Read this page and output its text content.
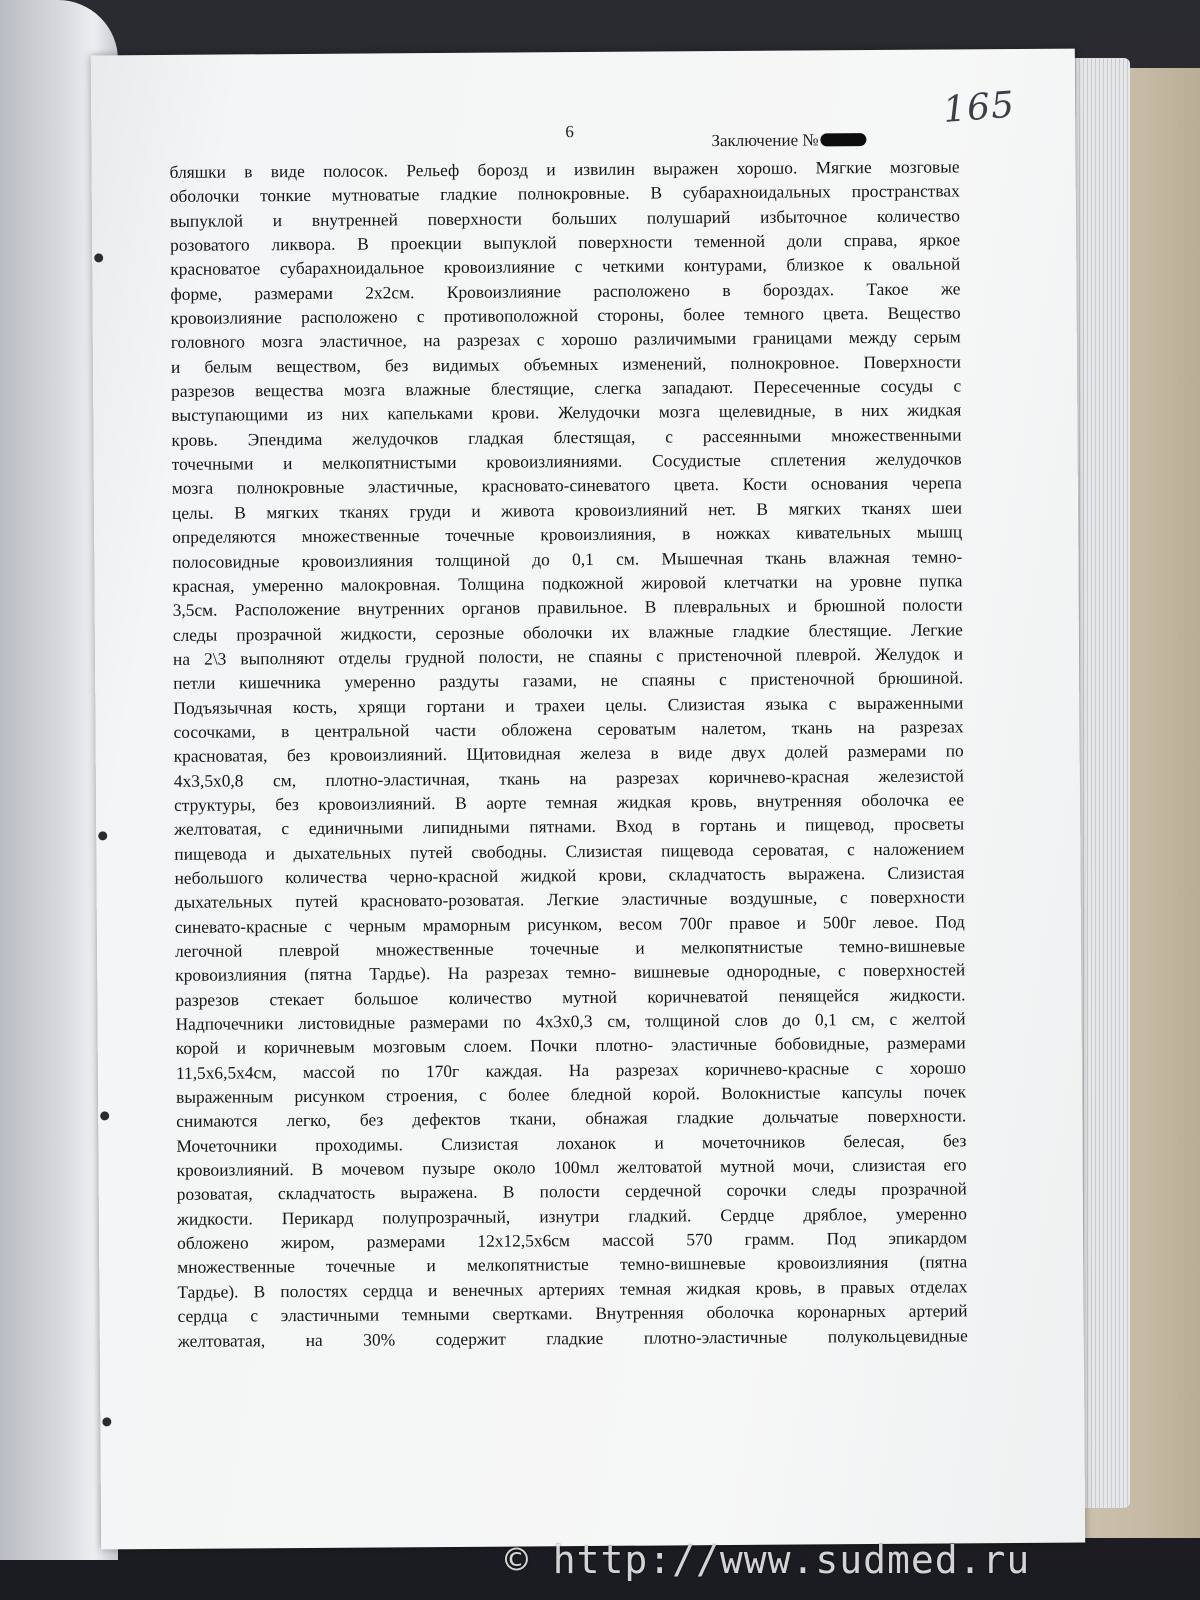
165
6	Заключение №
бляшки в виде полосок. Рельеф борозд и извилин выражен хорошо. Мягкие мозговые
оболочки тонкие мутноватые гладкие полнокровные. В субарахноидальных пространствах
выпуклой и внутренней поверхности больших полушарий избыточное количество
розоватого ликвора. В проекции выпуклой поверхности теменной доли справа, яркое
красноватое субарахноидальное кровоизлияние с четкими контурами, близкое к овальной
форме, размерами 2х2см. Кровоизлияние расположено в бороздах. Такое же
кровоизлияние расположено с противоположной стороны, более темного цвета. Вещество
головного мозга эластичное, на разрезах с хорошо различимыми границами между серым
и белым веществом, без видимых объемных изменений, полнокровное. Поверхности
разрезов вещества мозга влажные блестящие, слегка западают. Пересеченные сосуды с
выступающими из них капельками крови. Желудочки мозга щелевидные, в них жидкая
кровь. Эпендима желудочков гладкая блестящая, с рассеянными множественными
точечными и мелкопятнистыми кровоизлияниями. Сосудистые сплетения желудочков
мозга полнокровные эластичные, красновато-синеватого цвета. Кости основания черепа
целы. В мягких тканях груди и живота кровоизлияний нет. В мягких тканях шеи
определяются множественные точечные кровоизлияния, в ножках кивательных мышц
полосовидные кровоизлияния толщиной до 0,1 см. Мышечная ткань влажная темно-
красная, умеренно малокровная. Толщина подкожной жировой клетчатки на уровне пупка
3,5см. Расположение внутренних органов правильное. В плевральных и брюшной полости
следы прозрачной жидкости, серозные оболочки их влажные гладкие блестящие. Легкие
на 2\3 выполняют отделы грудной полости, не спаяны с пристеночной плеврой. Желудок и
петли кишечника умеренно раздуты газами, не спаяны с пристеночной брюшиной.
Подъязычная кость, хрящи гортани и трахеи целы. Слизистая языка с выраженными
сосочками, в центральной части обложена сероватым налетом, ткань на разрезах
красноватая, без кровоизлияний. Щитовидная железа в виде двух долей размерами по
4х3,5х0,8 см, плотно-эластичная, ткань на разрезах коричнево-красная железистой
структуры, без кровоизлияний. В аорте темная жидкая кровь, внутренняя оболочка ее
желтоватая, с единичными липидными пятнами. Вход в гортань и пищевод, просветы
пищевода и дыхательных путей свободны. Слизистая пищевода сероватая, с наложением
небольшого количества черно-красной жидкой крови, складчатость выражена. Слизистая
дыхательных путей красновато-розоватая. Легкие эластичные воздушные, с поверхности
синевато-красные с черным мраморным рисунком, весом 700г правое и 500г левое. Под
легочной плеврой множественные точечные и мелкопятнистые темно-вишневые
кровоизлияния (пятна Тардье). На разрезах темно- вишневые однородные, с поверхностей
разрезов стекает большое количество мутной коричневатой пенящейся жидкости.
Надпочечники листовидные размерами по 4х3х0,3 см, толщиной слов до 0,1 см, с желтой
корой и коричневым мозговым слоем. Почки плотно- эластичные бобовидные, размерами
11,5х6,5х4см, массой по 170г каждая. На разрезах коричнево-красные с хорошо
выраженным рисунком строения, с более бледной корой. Волокнистые капсулы почек
снимаются легко, без дефектов ткани, обнажая гладкие дольчатые поверхности.
Мочеточники проходимы. Слизистая лоханок и мочеточников белесая, без
кровоизлияний. В мочевом пузыре около 100мл желтоватой мутной мочи, слизистая его
розоватая, складчатость выражена. В полости сердечной сорочки следы прозрачной
жидкости. Перикард полупрозрачный, изнутри гладкий. Сердце дряблое, умеренно
обложено жиром, размерами 12х12,5х6см массой 570 грамм. Под эпикардом
множественные точечные и мелкопятнистые темно-вишневые кровоизлияния (пятна
Тардье). В полостях сердца и венечных артериях темная жидкая кровь, в правых отделах
сердца с эластичными темными свертками. Внутренняя оболочка коронарных артерий
желтоватая, на 30% содержит гладкие плотно-эластичные полукольцевидные
© http://www.sudmed.ru
